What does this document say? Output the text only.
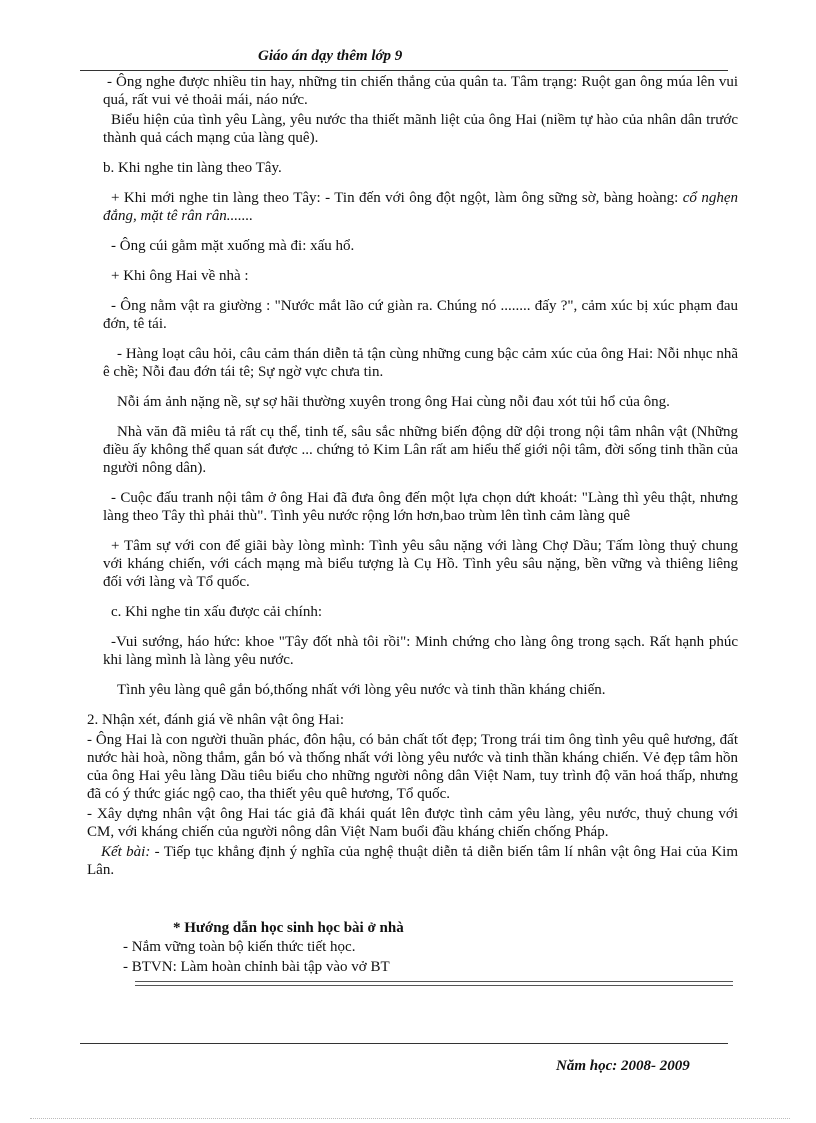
Giáo án dạy thêm lớp 9

- Ông nghe được nhiều tin hay, những tin chiến thắng của quân ta. Tâm trạng: Ruột gan ông múa lên vui quá, rất vui vẻ thoải mái, náo nức.

Biểu hiện của tình yêu Làng, yêu nước tha thiết mãnh liệt của ông Hai (niềm tự hào của nhân dân trước thành quả cách mạng của làng quê).

b. Khi nghe tin làng theo Tây.

+ Khi mới nghe tin làng theo Tây: - Tin đến với ông đột ngột, làm ông sững sờ, bàng hoàng: cổ nghẹn đắng, mặt tê rân rân.......

- Ông cúi gằm mặt xuống mà đi: xấu hổ.

+ Khi ông Hai về nhà :

- Ông nằm vật ra giường : "Nước mắt lão cứ giàn ra. Chúng nó ........ đấy ?", cảm xúc bị xúc phạm đau đớn, tê tái.

- Hàng loạt câu hỏi, câu cảm thán diễn tả tận cùng những cung bậc cảm xúc của ông Hai: Nỗi nhục nhã ê chề; Nỗi đau đớn tái tê; Sự ngờ vực chưa tin.

Nỗi ám ảnh nặng nề, sự sợ hãi thường xuyên trong ông Hai cùng nỗi đau xót tủi hổ của ông.

Nhà văn đã miêu tả rất cụ thể, tinh tế, sâu sắc những biến động dữ dội trong nội tâm nhân vật (Những điều ấy không thể quan sát được ... chứng tỏ Kim Lân rất am hiểu thế giới nội tâm, đời sống tinh thần của người nông dân).

- Cuộc đấu tranh nội tâm ở ông Hai đã đưa ông đến một lựa chọn dứt khoát: "Làng thì yêu thật, nhưng làng theo Tây thì phải thù". Tình yêu nước rộng lớn hơn,bao trùm lên tình cảm làng quê

+ Tâm sự với con để giãi bày lòng mình: Tình yêu sâu nặng với làng Chợ Dầu; Tấm lòng thuỷ chung với kháng chiến, với cách mạng mà biểu tượng là Cụ Hồ. Tình yêu sâu nặng, bền vững và thiêng liêng đối với làng và Tổ quốc.

c. Khi nghe tin xấu được cải chính:

-Vui sướng, háo hức: khoe "Tây đốt nhà tôi rồi": Minh chứng cho làng ông trong sạch. Rất hạnh phúc khi làng mình là làng yêu nước.

Tình yêu làng quê gắn bó,thống nhất với lòng yêu nước và tinh thần kháng chiến.

2. Nhận xét, đánh giá về nhân vật ông Hai:

- Ông Hai là con người thuần phác, đôn hậu, có bản chất tốt đẹp; Trong trái tim ông tình yêu quê hương, đất nước hài hoà, nồng thắm, gắn bó và thống nhất với lòng yêu nước và tinh thần kháng chiến. Vẻ đẹp tâm hồn của ông Hai yêu làng Dầu tiêu biểu cho những người nông dân Việt Nam, tuy trình độ văn hoá thấp, nhưng đã có ý thức giác ngộ cao, tha thiết yêu quê hương, Tổ quốc.

- Xây dựng nhân vật ông Hai tác giả đã khái quát lên được tình cảm yêu làng, yêu nước, thuỷ chung với CM, với kháng chiến của người nông dân Việt Nam buổi đầu kháng chiến chống Pháp.

Kết bài: - Tiếp tục khẳng định ý nghĩa của nghệ thuật diễn tả diễn biến tâm lí nhân vật ông Hai của Kim Lân.

* Hướng dẫn học sinh học bài ở nhà
- Nắm vững toàn bộ kiến thức tiết học.
- BTVN: Làm hoàn chỉnh bài tập vào vở BT
Năm học: 2008- 2009
